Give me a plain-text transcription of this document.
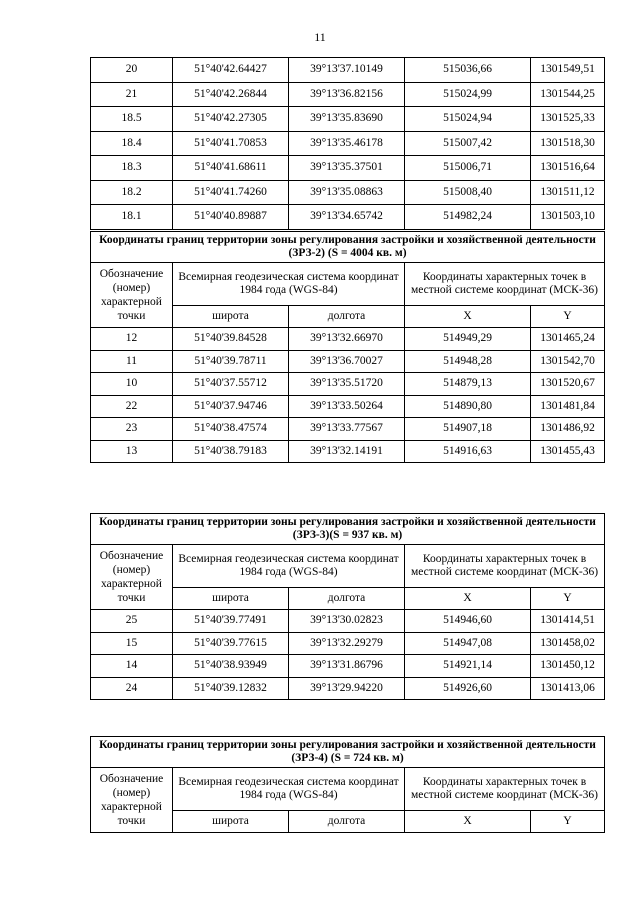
11
20	51°40'42.64427	39°13'37.10149	515036,66	1301549,51
21	51°40'42.26844	39°13'36.82156	515024,99	1301544,25
18.5	51°40'42.27305	39°13'35.83690	515024,94	1301525,33
18.4	51°40'41.70853	39°13'35.46178	515007,42	1301518,30
18.3	51°40'41.68611	39°13'35.37501	515006,71	1301516,64
18.2	51°40'41.74260	39°13'35.08863	515008,40	1301511,12
18.1	51°40'40.89887	39°13'34.65742	514982,24	1301503,10
Координаты границ территории зоны регулирования застройки и хозяйственной деятельности (ЗРЗ-2) (S = 4004 кв. м)				
Обозначение (номер) характерной точки	Всемирная геодезическая система координат 1984 года (WGS-84)		Координаты характерных точек в местной системе координат (МСК-36)	
	широта	долгота	X	Y
12	51°40'39.84528	39°13'32.66970	514949,29	1301465,24
11	51°40'39.78711	39°13'36.70027	514948,28	1301542,70
10	51°40'37.55712	39°13'35.51720	514879,13	1301520,67
22	51°40'37.94746	39°13'33.50264	514890,80	1301481,84
23	51°40'38.47574	39°13'33.77567	514907,18	1301486,92
13	51°40'38.79183	39°13'32.14191	514916,63	1301455,43
Координаты границ территории зоны регулирования застройки и хозяйственной деятельности (ЗРЗ-3)(S = 937 кв. м)				
Обозначение (номер) характерной точки	Всемирная геодезическая система координат 1984 года (WGS-84)		Координаты характерных точек в местной системе координат (МСК-36)	
	широта	долгота	X	Y
25	51°40'39.77491	39°13'30.02823	514946,60	1301414,51
15	51°40'39.77615	39°13'32.29279	514947,08	1301458,02
14	51°40'38.93949	39°13'31.86796	514921,14	1301450,12
24	51°40'39.12832	39°13'29.94220	514926,60	1301413,06
Координаты границ территории зоны регулирования застройки и хозяйственной деятельности (ЗРЗ-4) (S = 724 кв. м)				
Обозначение (номер) характерной точки	Всемирная геодезическая система координат 1984 года (WGS-84)		Координаты характерных точек в местной системе координат (МСК-36)	
	широта	долгота	X	Y
